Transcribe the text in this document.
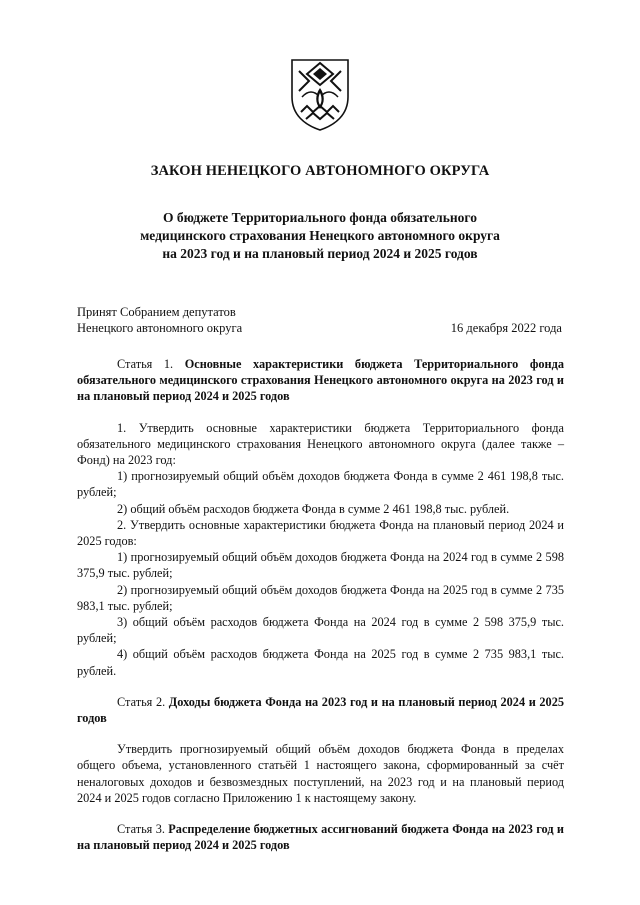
ЗАКОН НЕНЕЦКОГО АВТОНОМНОГО ОКРУГА
О бюджете Территориального фонда обязательного
медицинского страхования Ненецкого автономного округа
на 2023 год и на плановый период 2024 и 2025 годов
Принят Собранием депутатов
Ненецкого автономного округа	16 декабря 2022 года

Статья 1. Основные характеристики бюджета Территориального фонда обязательного медицинского страхования Ненецкого автономного округа на 2023 год и на плановый период 2024 и 2025 годов

1. Утвердить основные характеристики бюджета Территориального фонда обязательного медицинского страхования Ненецкого автономного округа (далее также – Фонд) на 2023 год:

1) прогнозируемый общий объём доходов бюджета Фонда в сумме 2 461 198,8 тыс. рублей;

2) общий объём расходов бюджета Фонда в сумме 2 461 198,8 тыс. рублей.

2. Утвердить основные характеристики бюджета Фонда на плановый период 2024 и 2025 годов:

1) прогнозируемый общий объём доходов бюджета Фонда на 2024 год в сумме 2 598 375,9 тыс. рублей;

2) прогнозируемый общий объём доходов бюджета Фонда на 2025 год в сумме 2 735 983,1 тыс. рублей;

3) общий объём расходов бюджета Фонда на 2024 год в сумме 2 598 375,9 тыс. рублей;

4) общий объём расходов бюджета Фонда на 2025 год в сумме 2 735 983,1 тыс. рублей.

Статья 2. Доходы бюджета Фонда на 2023 год и на плановый период 2024 и 2025 годов

Утвердить прогнозируемый общий объём доходов бюджета Фонда в пределах общего объема, установленного статьёй 1 настоящего закона, сформированный за счёт неналоговых доходов и безвозмездных поступлений, на 2023 год и на плановый период 2024 и 2025 годов согласно Приложению 1 к настоящему закону.

Статья 3. Распределение бюджетных ассигнований бюджета Фонда на 2023 год и на плановый период 2024 и 2025 годов
